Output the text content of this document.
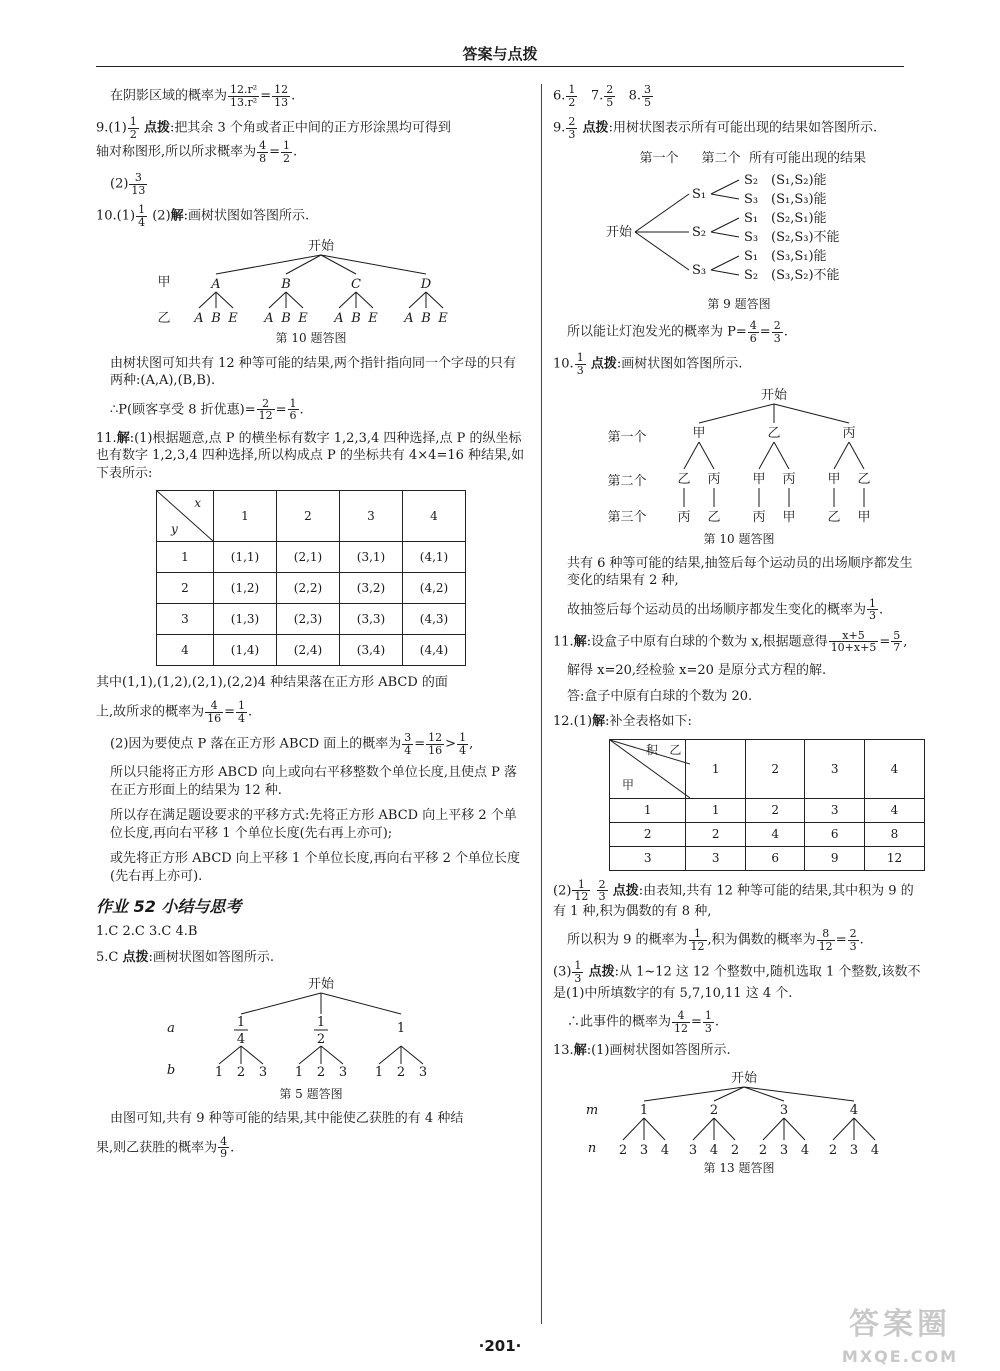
答案与点拨

在阴影区域的概率为 $\frac{\text{12.r²}}{\text{13.r²}} = \frac{12}{13}$ .

$9.(1) \frac{1}{2}$ 点拨:把其余 3 个角或者正中间的正方形涂黑均可得到
轴对称图形,所以所求概率为 $\frac{4}{8} = \frac{1}{2}$ .

$(2) \frac{3}{13}$

$10.(1) \frac{1}{4} (2)$解:画树状图如答图所示.

开始
甲
乙
A
A B E
B
A B E
C
A B E
D
A B E
第 10 题答图

由树状图可知共有 12 种等可能的结果,两个指针指向同一个字母的只有两种:(A,A),(B,B).

∴P(顾客享受 8 折优惠)= $\frac{2}{12} = \frac{1}{6}$ .

11.解:(1)根据题意,点 P 的横坐标有数字 1,2,3,4 四种选择,点 P 的纵坐标也有数字 1,2,3,4 四种选择,所以构成点 P 的坐标共有 4×4=16 种结果,如下表所示:

x
y	1	2	3	4
1	(1,1)	(2,1)	(3,1)	(4,1)
2	(1,2)	(2,2)	(3,2)	(4,2)
3	(1,3)	(2,3)	(3,3)	(4,3)
4	(1,4)	(2,4)	(3,4)	(4,4)

其中(1,1),(1,2),(2,1),(2,2)4 种结果落在正方形 ABCD 的面

上,故所求的概率为 $\frac{4}{16} = \frac{1}{4}$ .

(2)因为要使点 P 落在正方形 ABCD 面上的概率为 $\frac{3}{4} = \frac{12}{16} > \frac{1}{4}$ ,

所以只能将正方形 ABCD 向上或向右平移整数个单位长度,且使点 P 落在正方形面上的结果为 12 种.

所以存在满足题设要求的平移方式:先将正方形 ABCD 向上平移 2 个单位长度,再向右平移 1 个单位长度(先右再上亦可);

或先将正方形 ABCD 向上平移 1 个单位长度,再向右平移 2 个单位长度(先右再上亦可).

作业 52 小结与思考

1.C 2.C 3.C 4.B

5.C 点拨:画树状图如答图所示.

开始
a
b
1
4
1 2 3
1
2
1 2 3
1
1 2 3
第 5 题答图

由图可知,共有 9 种等可能的结果,其中能使乙获胜的有 4 种结

果,则乙获胜的概率为 $\frac{4}{9}$ .

6. $\frac{1}{2} 7$. $\frac{2}{5} 8$. $\frac{3}{5}$

9. $\frac{2}{3}$ 点拨:用树状图表示所有可能出现的结果如答图所示.

第一个 第二个 所有可能出现的结果
开始
S₁
S₂ (S₁,S₂)能
S₃ (S₁,S₃)能
S₂
S₁ (S₂,S₁)能
S₃ (S₂,S₃)不能
S₃
S₁ (S₃,S₁)能
S₂ (S₃,S₂)不能
第 9 题答图

所以能让灯泡发光的概率为 $P= \frac{4}{6} = \frac{2}{3}$ .

10. $\frac{1}{3}$ 点拨:画树状图如答图所示.

开始
第一个
第二个
第三个
甲
乙
丙
丙
乙
乙
甲
丙
丙
甲
丙
甲
乙
乙
甲
第 10 题答图

共有 6 种等可能的结果,抽签后每个运动员的出场顺序都发生变化的结果有 2 种,

故抽签后每个运动员的出场顺序都发生变化的概率为 $\frac{1}{3}$ .

11.解:设盒子中原有白球的个数为 x,根据题意得 $\frac{x+5}{10+x+5} = \frac{5}{7}$ ,

解得 x=20,经检验 x=20 是原分式方程的解.

答:盒子中原有白球的个数为 20.

12.(1)解:补全表格如下:

积 乙
甲	1	2	3	4
1	1	2	3	4
2	2	4	6	8
3	3	6	9	12

$(2) \frac{1}{12}$
$\frac{2}{3}$ 点拨:由表知,共有 12 种等可能的结果,其中积为 9 的有 1 种,积为偶数的有 8 种,

所以积为 9 的概率为 $\frac{1}{12}$ ,积为偶数的概率为 $\frac{8}{12} = \frac{2}{3}$ .

$(3) \frac{1}{3}$ 点拨:从 1~12 这 12 个整数中,随机选取 1 个整数,该数不是(1)中所填数字的有 5,7,10,11 这 4 个.

∴此事件的概率为 $\frac{4}{12} = \frac{1}{3}$ .

13.解:(1)画树状图如答图所示.

开始
m
n
1
2 3 4
2
3 4 2
3
2 3 4
4
2 3 4
第 13 题答图
·201·
答案圈
MXQE.COM
